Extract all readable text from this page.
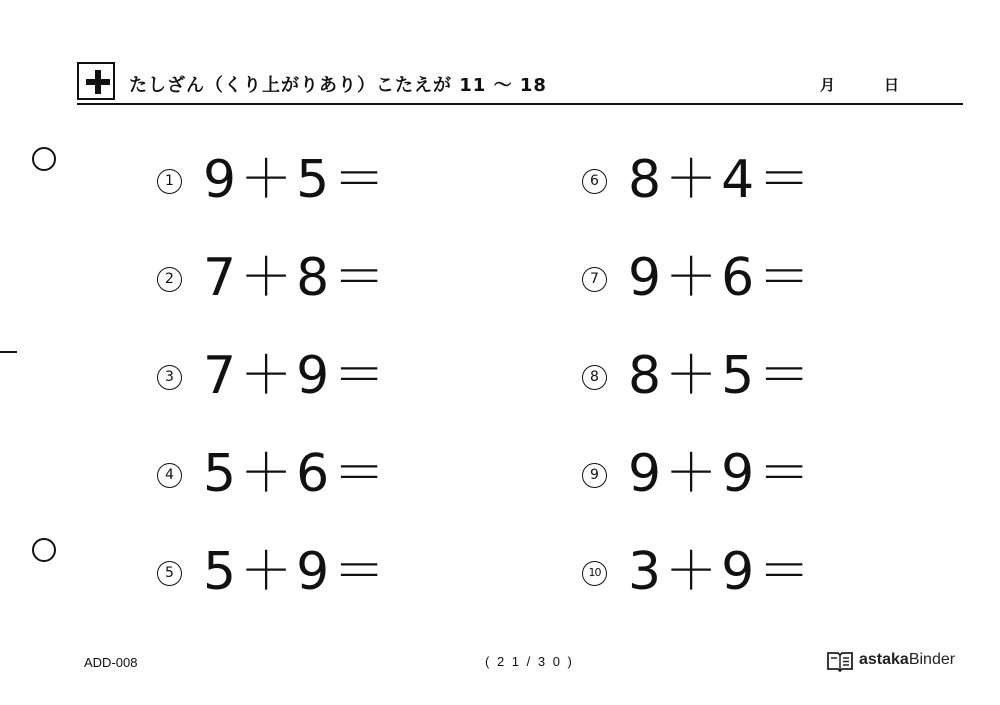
たしざん（くり上がりあり）こたえが 11 〜 18	月	日
1 9＋5＝
2 7＋8＝
3 7＋9＝
4 5＋6＝
5 5＋9＝
6 8＋4＝
7 9＋6＝
8 8＋5＝
9 9＋9＝
10 3＋9＝
ADD-008	( 2 1 / 3 0 )	astakaBinder
